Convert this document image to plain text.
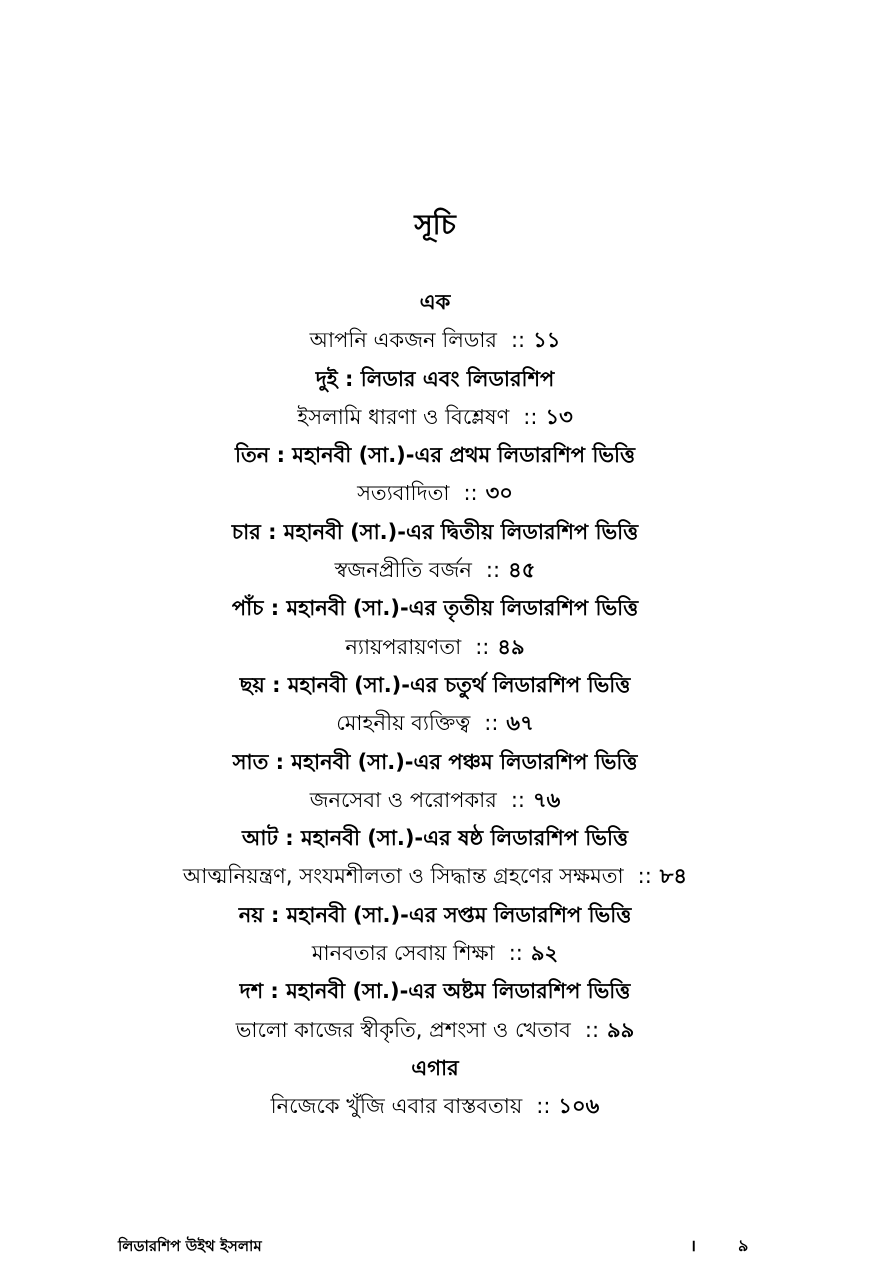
সূচি
এক
আপনি একজন লিডার :: ১১
দুই : লিডার এবং লিডারশিপ
ইসলামি ধারণা ও বিশ্লেষণ :: ১৩
তিন : মহানবী (সা.)-এর প্রথম লিডারশিপ ভিত্তি
সত্যবাদিতা :: ৩০
চার : মহানবী (সা.)-এর দ্বিতীয় লিডারশিপ ভিত্তি
স্বজনপ্রীতি বর্জন :: ৪৫
পাঁচ : মহানবী (সা.)-এর তৃতীয় লিডারশিপ ভিত্তি
ন্যায়পরায়ণতা :: ৪৯
ছয় : মহানবী (সা.)-এর চতুর্থ লিডারশিপ ভিত্তি
মোহনীয় ব্যক্তিত্ব :: ৬৭
সাত : মহানবী (সা.)-এর পঞ্চম লিডারশিপ ভিত্তি
জনসেবা ও পরোপকার :: ৭৬
আট : মহানবী (সা.)-এর ষষ্ঠ লিডারশিপ ভিত্তি
আত্মনিয়ন্ত্রণ, সংযমশীলতা ও সিদ্ধান্ত গ্রহণের সক্ষমতা :: ৮৪
নয় : মহানবী (সা.)-এর সপ্তম লিডারশিপ ভিত্তি
মানবতার সেবায় শিক্ষা :: ৯২
দশ : মহানবী (সা.)-এর অষ্টম লিডারশিপ ভিত্তি
ভালো কাজের স্বীকৃতি, প্রশংসা ও খেতাব :: ৯৯
এগার
নিজেকে খুঁজি এবার বাস্তবতায় :: ১০৬
লিডারশিপ উইথ ইসলাম	।	৯
